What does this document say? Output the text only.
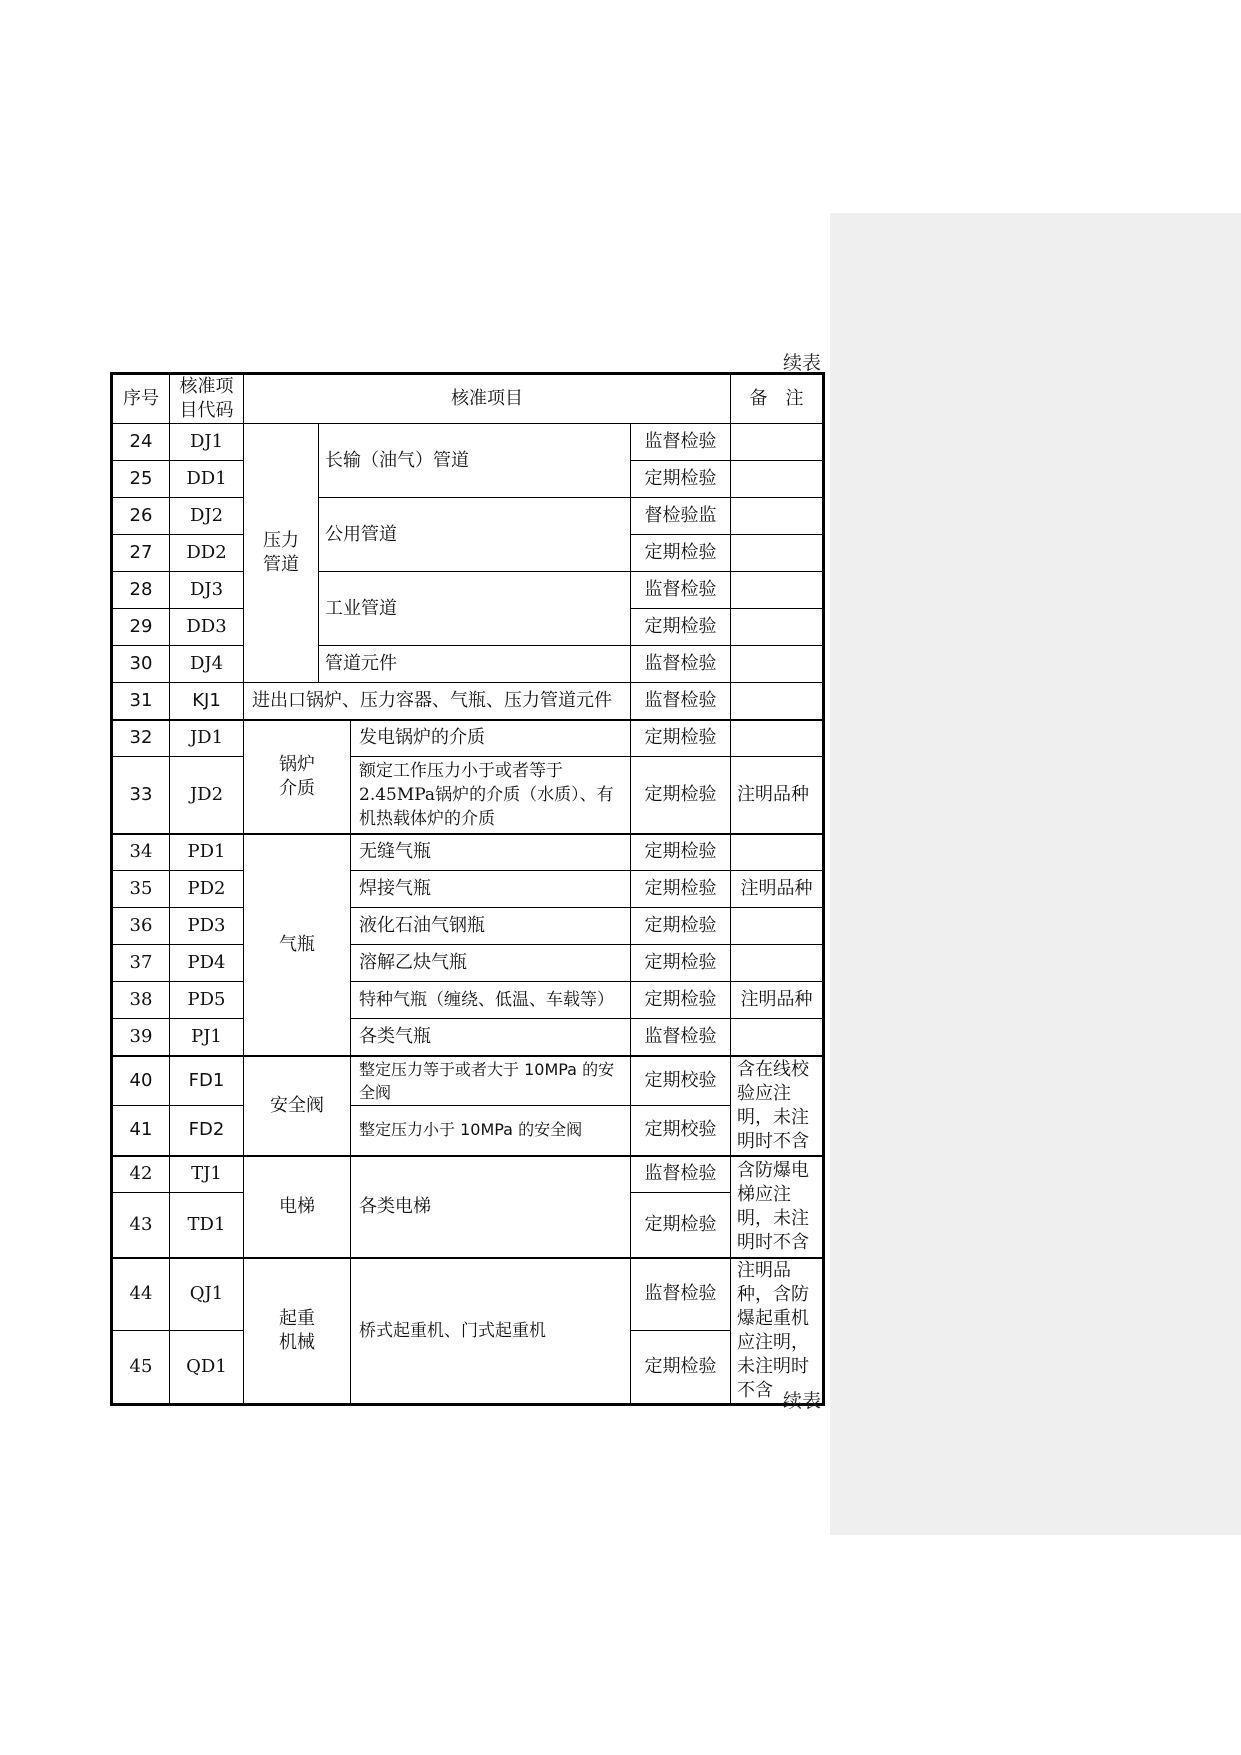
续表
序号	核准项目代码	核准项目				备　注
24	DJ1	压力管道	长输（油气）管道		监督检验	
25	DD1				定期检验	
26	DJ2		公用管道		督检验监	
27	DD2				定期检验	
28	DJ3		工业管道		监督检验	
29	DD3				定期检验	
30	DJ4		管道元件		监督检验	
31	KJ1	进出口锅炉、压力容器、气瓶、压力管道元件			监督检验	
32	JD1	锅炉介质		发电锅炉的介质	定期检验	
33	JD2			额定工作压力小于或者等于2.45MPa锅炉的介质（水质）、有机热载体炉的介质	定期检验	注明品种
34	PD1	气瓶		无缝气瓶	定期检验	
35	PD2			焊接气瓶	定期检验	注明品种
36	PD3			液化石油气钢瓶	定期检验	
37	PD4			溶解乙炔气瓶	定期检验	
38	PD5			特种气瓶（缠绕、低温、车载等）	定期检验	注明品种
39	PJ1			各类气瓶	监督检验	
40	FD1	安全阀		整定压力等于或者大于 10MPa 的安全阀	定期校验	含在线校验应注明，未注明时不含
41	FD2			整定压力小于 10MPa 的安全阀	定期校验	
42	TJ1	电梯		各类电梯	监督检验	含防爆电梯应注明，未注明时不含
43	TD1				定期检验	
44	QJ1	起重机械		桥式起重机、门式起重机	监督检验	注明品种，含防爆起重机应注明，未注明时不含
45	QD1				定期检验	
续表
